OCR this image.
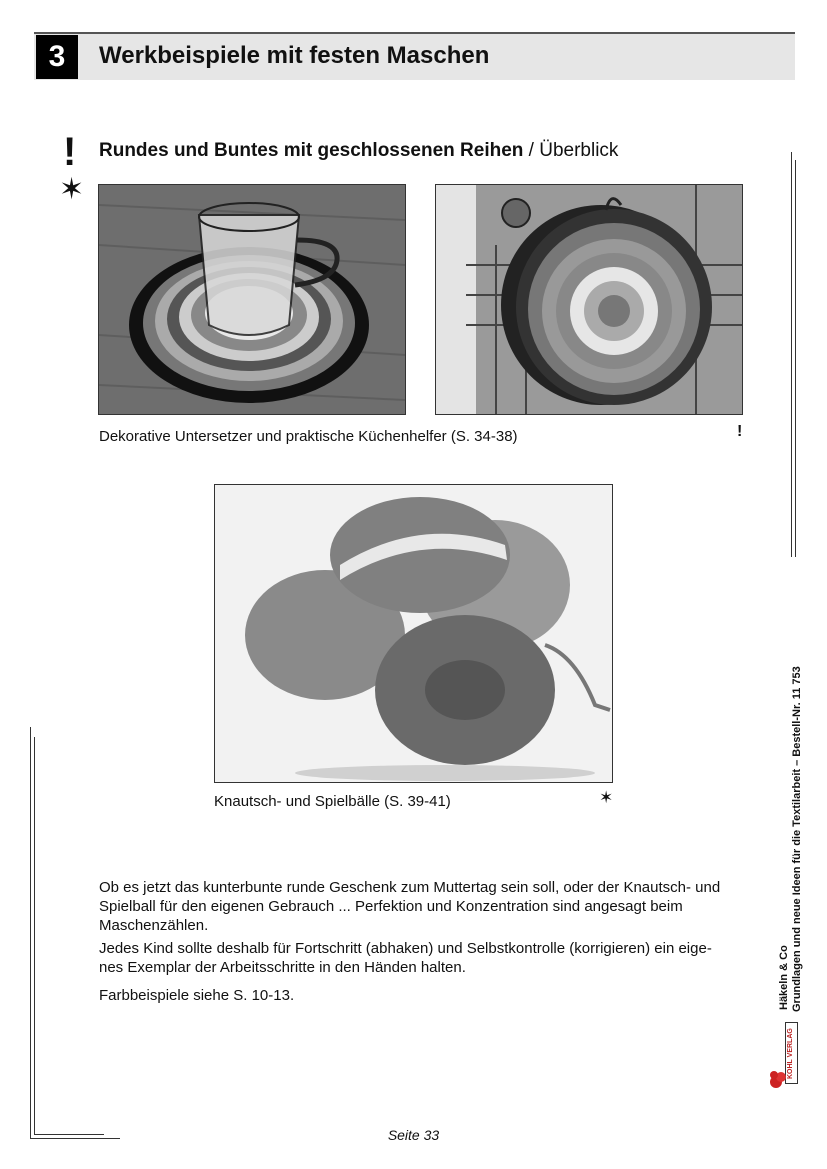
3	Werkbeispiele mit festen Maschen
!
✶
Rundes und Buntes mit geschlossenen Reihen / Überblick
Dekorative Untersetzer und praktische Küchenhelfer (S. 34-38)	!
Knautsch- und Spielbälle (S. 39-41)	✶
Ob es jetzt das kunterbunte runde Geschenk zum Muttertag sein soll, oder der Knautsch- und Spielball für den eigenen Gebrauch ... Perfektion und Konzentration sind angesagt beim Maschenzählen.
Jedes Kind sollte deshalb für Fortschritt (abhaken) und Selbstkontrolle (korrigieren) ein eige- nes Exemplar der Arbeitsschritte in den Händen halten.
Farbbeispiele siehe S. 10-13.	Häkeln & Co Grundlagen und neue Ideen für die Textilarbeit – Bestell-Nr. 11 753
KOHL VERLAG
Seite 33
